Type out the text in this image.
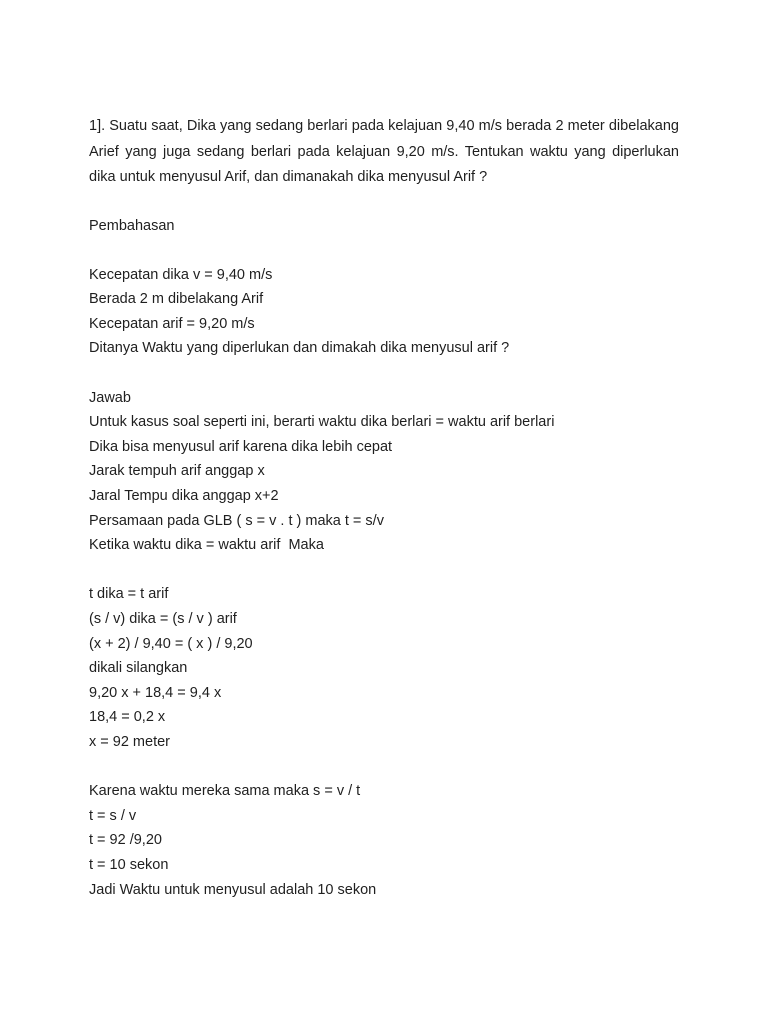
1]. Suatu saat, Dika yang sedang berlari pada kelajuan 9,40 m/s berada 2 meter dibelakang Arief yang juga sedang berlari pada kelajuan 9,20 m/s. Tentukan waktu yang diperlukan dika untuk menyusul Arif, dan dimanakah dika menyusul Arif ?

Pembahasan

Kecepatan dika v = 9,40 m/s

Berada 2 m dibelakang Arif

Kecepatan arif = 9,20 m/s

Ditanya Waktu yang diperlukan dan dimakah dika menyusul arif ?

Jawab

Untuk kasus soal seperti ini, berarti waktu dika berlari = waktu arif berlari

Dika bisa menyusul arif karena dika lebih cepat

Jarak tempuh arif anggap x

Jaral Tempu dika anggap x+2

Persamaan pada GLB ( s = v . t ) maka t = s/v

Ketika waktu dika = waktu arif  Maka

t dika = t arif

(s / v) dika = (s / v ) arif

(x + 2) / 9,40 = ( x ) / 9,20

dikali silangkan

9,20 x + 18,4 = 9,4 x

18,4 = 0,2 x

x = 92 meter

Karena waktu mereka sama maka s = v / t

t = s / v

t = 92 /9,20

t = 10 sekon

Jadi Waktu untuk menyusul adalah 10 sekon
